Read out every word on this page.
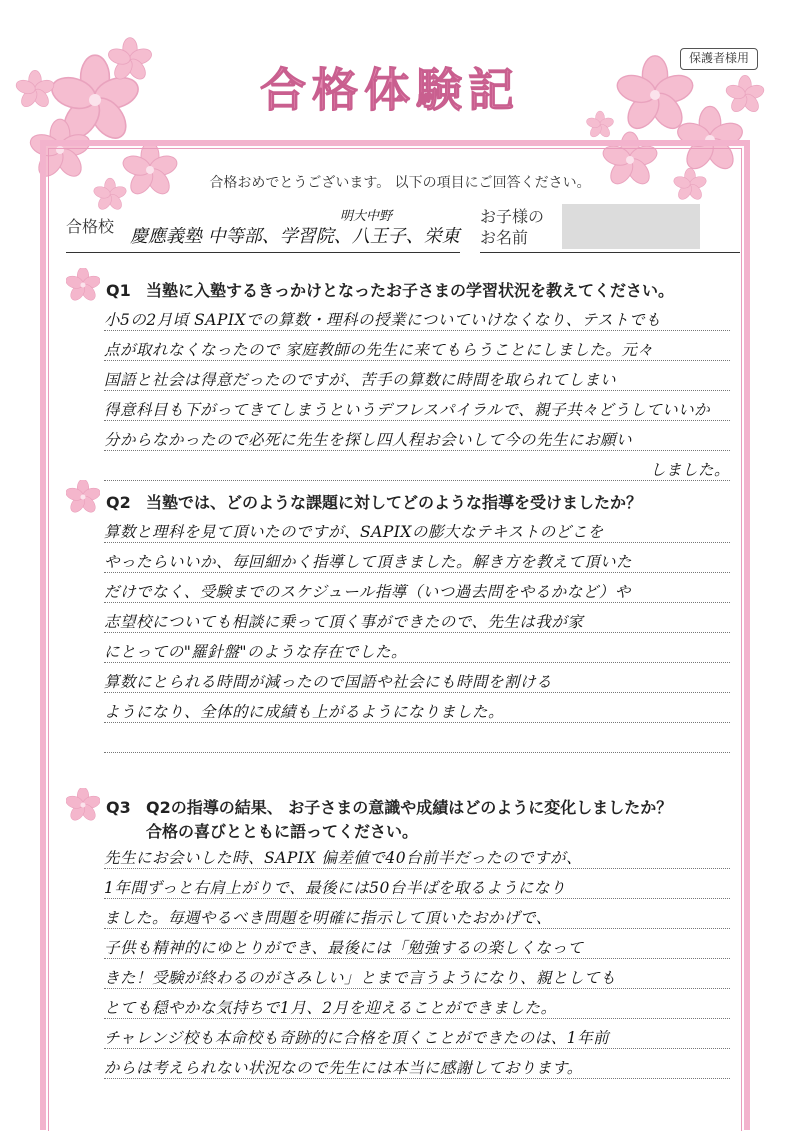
保護者様用
合格体験記
合格おめでとうございます。 以下の項目にご回答ください。
合格校
明大中野
慶應義塾 中等部、学習院、八王子、栄東
お子様の
お名前
Q1 当塾に入塾するきっかけとなったお子さまの学習状況を教えてください。
小5の2月頃 SAPIXでの算数・理科の授業についていけなくなり、テストでも
点が取れなくなったので 家庭教師の先生に来てもらうことにしました。元々
国語と社会は得意だったのですが、苦手の算数に時間を取られてしまい
得意科目も下がってきてしまうというデフレスパイラルで、親子共々どうしていいか
分からなかったので必死に先生を探し四人程お会いして今の先生にお願い
しました。
Q2 当塾では、どのような課題に対してどのような指導を受けましたか？
算数と理科を見て頂いたのですが、SAPIXの膨大なテキストのどこを
やったらいいか、毎回細かく指導して頂きました。解き方を教えて頂いた
だけでなく、受験までのスケジュール指導（いつ過去問をやるかなど）や
志望校についても相談に乗って頂く事ができたので、先生は我が家
にとっての"羅針盤"のような存在でした。
算数にとられる時間が減ったので国語や社会にも時間を割ける
ようになり、全体的に成績も上がるようになりました。
Q3 Q2の指導の結果、 お子さまの意識や成績はどのように変化しましたか？
合格の喜びとともに語ってください。
先生にお会いした時、SAPIX 偏差値で40台前半だったのですが、
1年間ずっと右肩上がりで、最後には50台半ばを取るようになり
ました。毎週やるべき問題を明確に指示して頂いたおかげで、
子供も精神的にゆとりができ、最後には「勉強するの楽しくなって
きた！受験が終わるのがさみしい」とまで言うようになり、親としても
とても穏やかな気持ちで1月、2月を迎えることができました。
チャレンジ校も本命校も奇跡的に合格を頂くことができたのは、1年前
からは考えられない状況なので先生には本当に感謝しております。
